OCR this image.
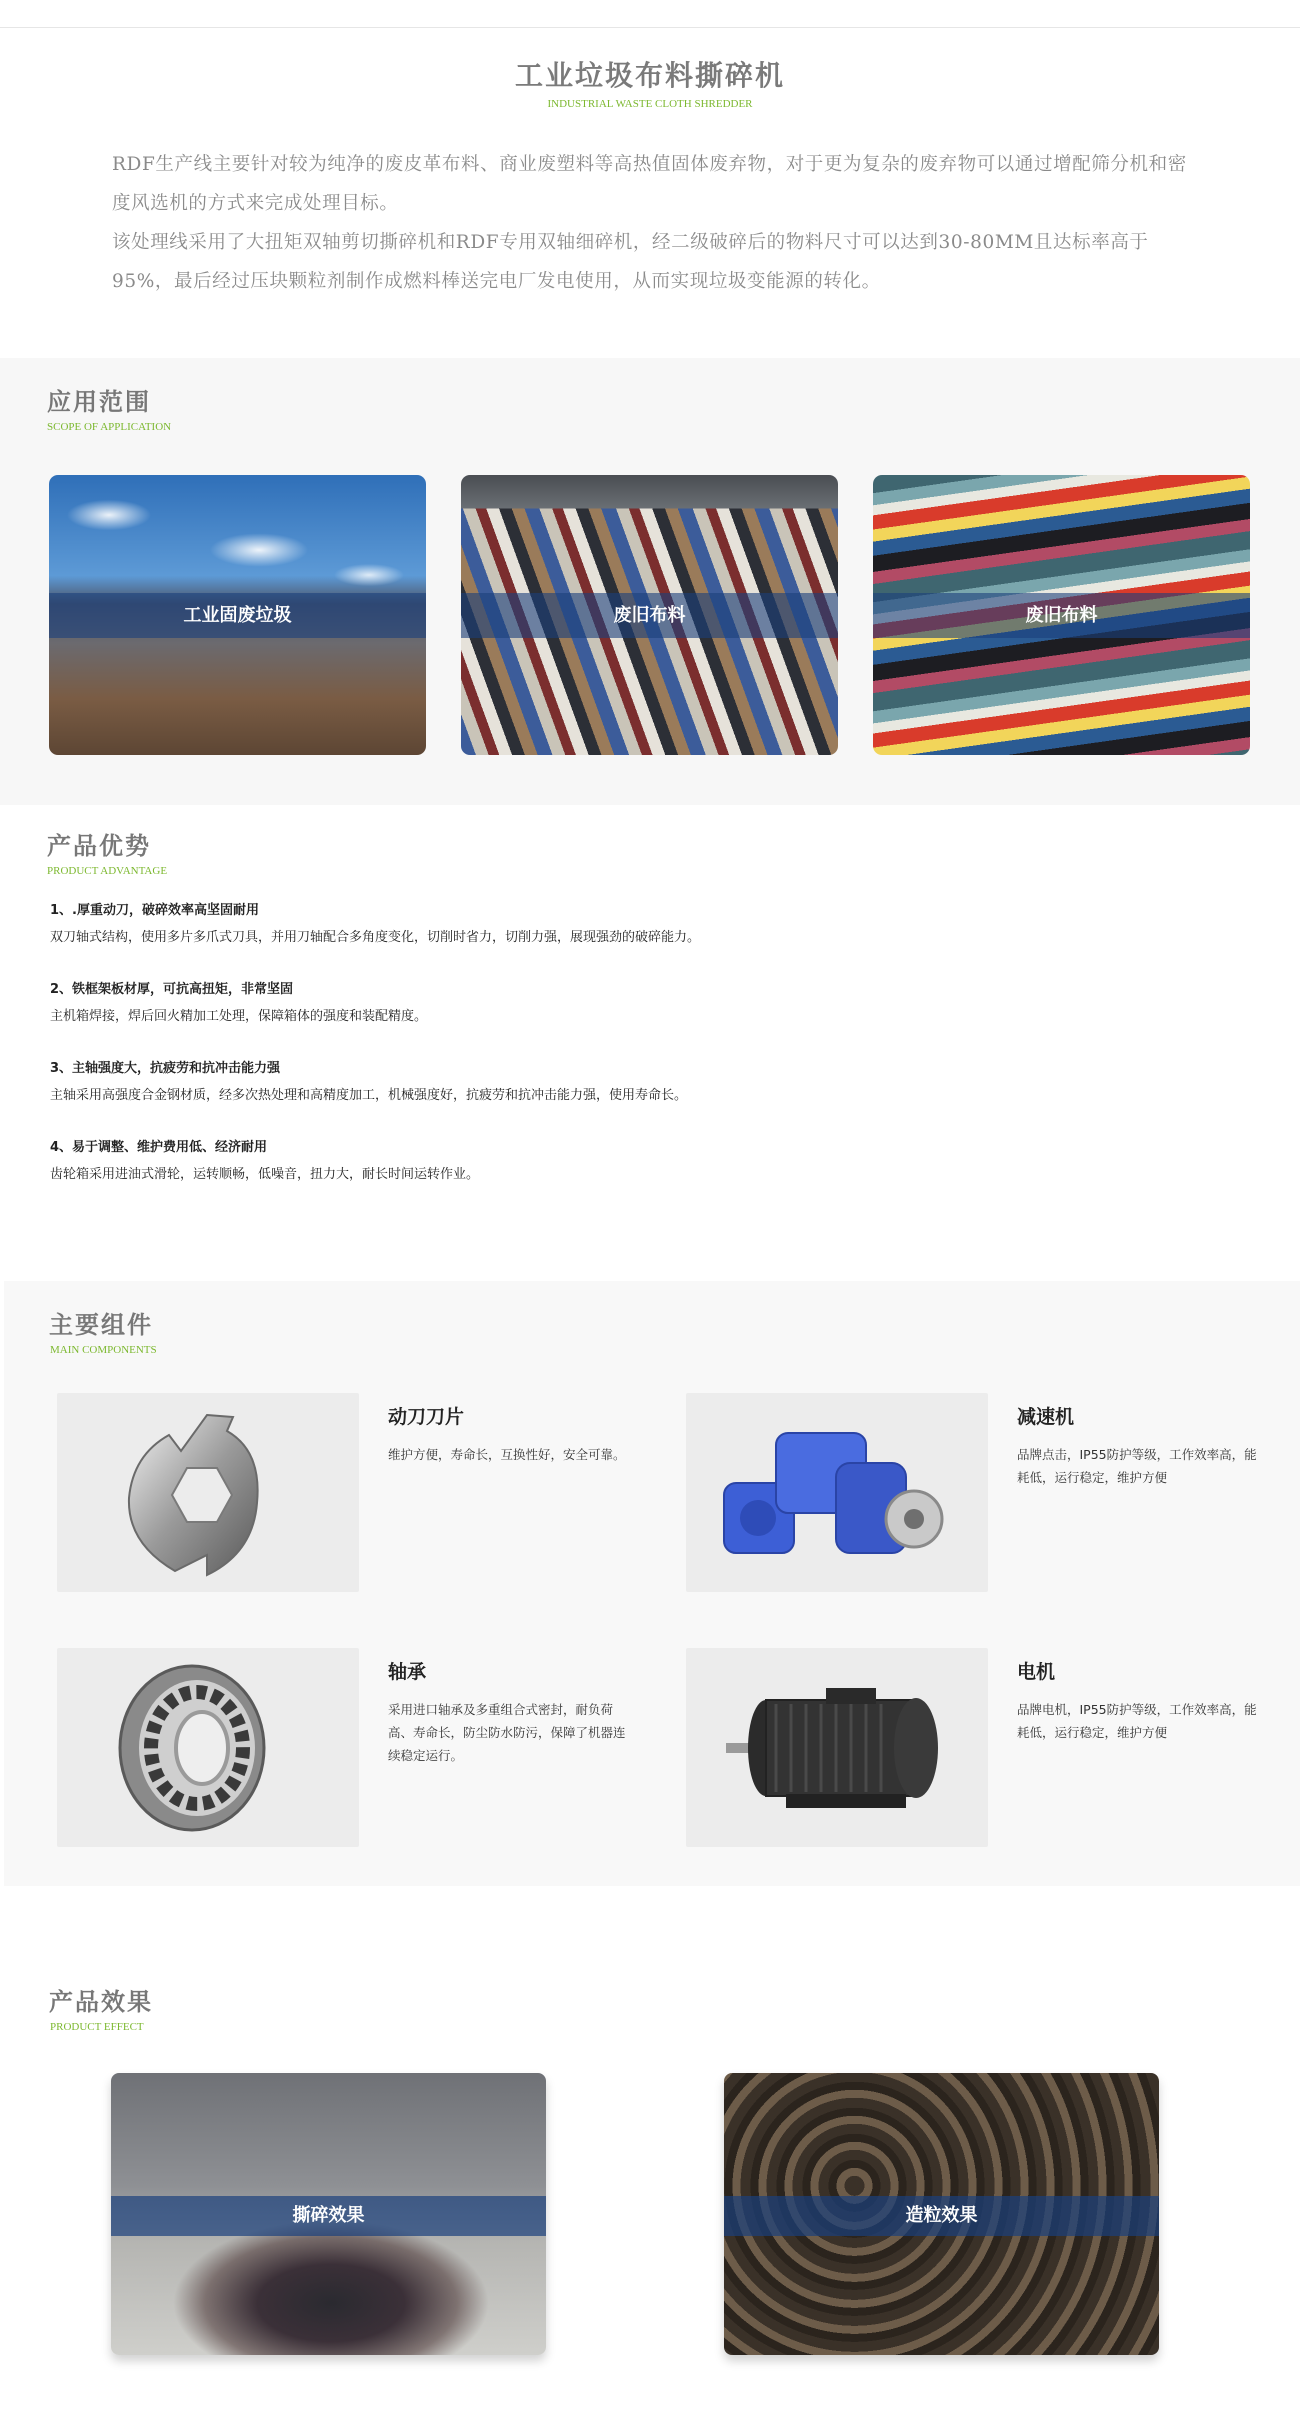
工业垃圾布料撕碎机
INDUSTRIAL WASTE CLOTH SHREDDER

RDF生产线主要针对较为纯净的废皮革布料、商业废塑料等高热值固体废弃物，对于更为复杂的废弃物可以通过增配筛分机和密度风选机的方式来完成处理目标。

该处理线采用了大扭矩双轴剪切撕碎机和RDF专用双轴细碎机，经二级破碎后的物料尺寸可以达到30-80MM且达标率高于95%，最后经过压块颗粒剂制作成燃料棒送完电厂发电使用，从而实现垃圾变能源的转化。

应用范围
SCOPE OF APPLICATION
工业固废垃圾	废旧布料	废旧布料
产品优势
PRODUCT ADVANTAGE
1、.厚重动刀，破碎效率高坚固耐用
双刀轴式结构，使用多片多爪式刀具，并用刀轴配合多角度变化，切削时省力，切削力强，展现强劲的破碎能力。
2、铁框架板材厚，可抗高扭矩，非常坚固
主机箱焊接，焊后回火精加工处理，保障箱体的强度和装配精度。
3、主轴强度大，抗疲劳和抗冲击能力强
主轴采用高强度合金钢材质，经多次热处理和高精度加工，机械强度好，抗疲劳和抗冲击能力强，使用寿命长。
4、易于调整、维护费用低、经济耐用
齿轮箱采用进油式滑轮，运转顺畅，低噪音，扭力大，耐长时间运转作业。
主要组件
MAIN COMPONENTS
动刀刀片
维护方便，寿命长，互换性好，安全可靠。
减速机
品牌点击，IP55防护等级，工作效率高，能耗低，运行稳定，维护方便
轴承
采用进口轴承及多重组合式密封，耐负荷高、寿命长，防尘防水防污，保障了机器连续稳定运行。
电机
品牌电机，IP55防护等级，工作效率高，能耗低，运行稳定，维护方便
产品效果
PRODUCT EFFECT
撕碎效果	造粒效果
